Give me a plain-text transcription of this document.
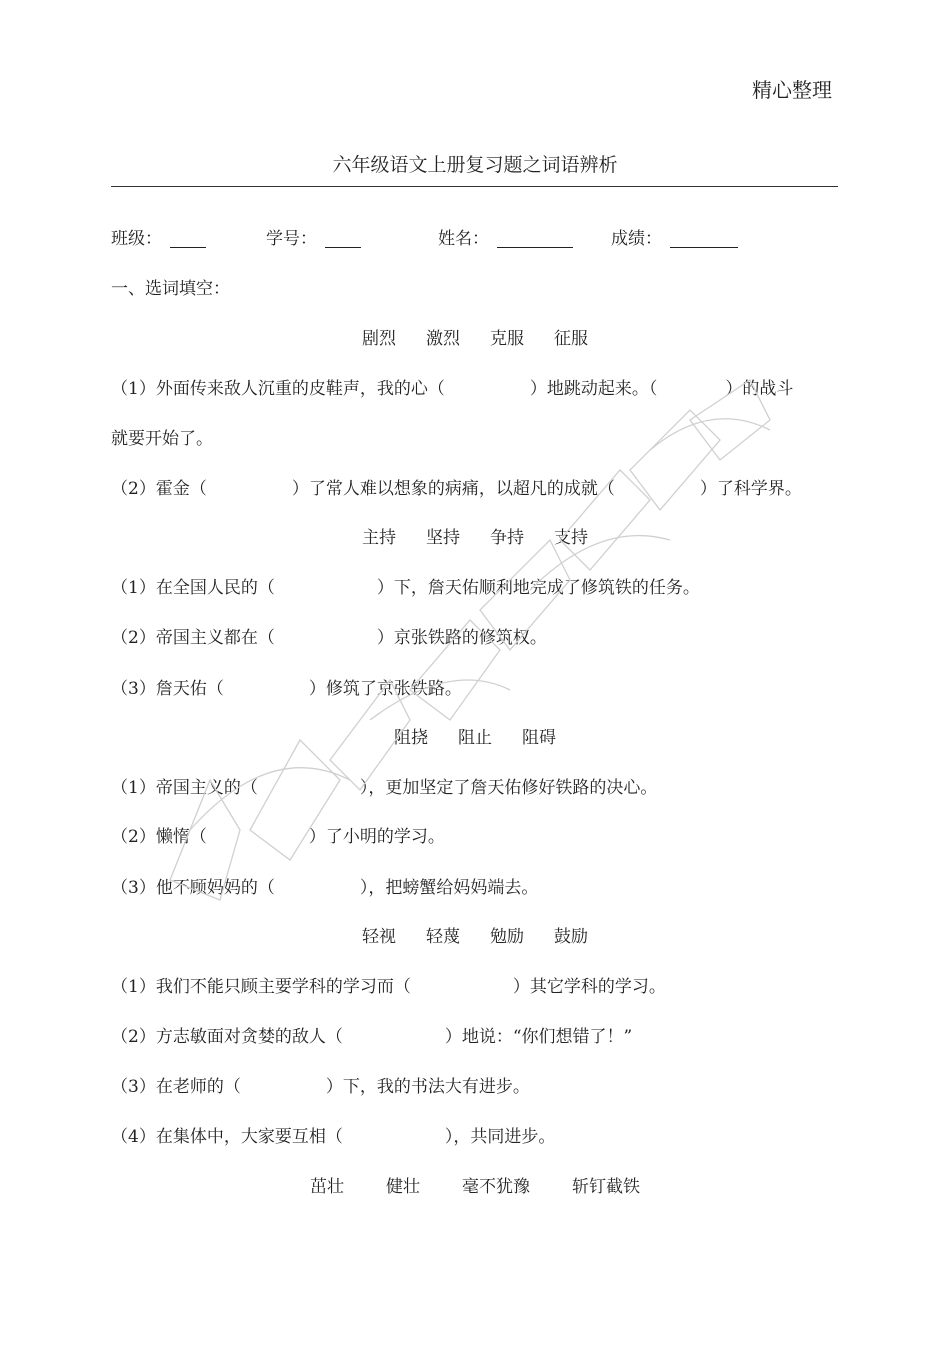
精心整理
六年级语文上册复习题之词语辨析
班级：	学号：	姓名：	成绩：
一、选词填空：
剧烈 激烈 克服 征服
（1）外面传来敌人沉重的皮鞋声，我的心（　　　　　）地跳动起来。（　　　　）的战斗
就要开始了。
（2）霍金（　　　　　）了常人难以想象的病痛，以超凡的成就（　　　　　）了科学界。
主持 坚持 争持 支持
（1）在全国人民的（　　　　　　）下，詹天佑顺利地完成了修筑铁的任务。
（2）帝国主义都在（　　　　　　）京张铁路的修筑权。
（3）詹天佑（　　　　　）修筑了京张铁路。
阻挠 阻止 阻碍
（1）帝国主义的（　　　　　　），更加坚定了詹天佑修好铁路的决心。
（2）懒惰（　　　　　　）了小明的学习。
（3）他不顾妈妈的（　　　　　），把螃蟹给妈妈端去。
轻视 轻蔑 勉励 鼓励
（1）我们不能只顾主要学科的学习而（　　　　　　）其它学科的学习。
（2）方志敏面对贪婪的敌人（　　　　　　）地说：“你们想错了！”
（3）在老师的（　　　　　）下，我的书法大有进步。
（4）在集体中，大家要互相（　　　　　　），共同进步。
茁壮 健壮 毫不犹豫 斩钉截铁
